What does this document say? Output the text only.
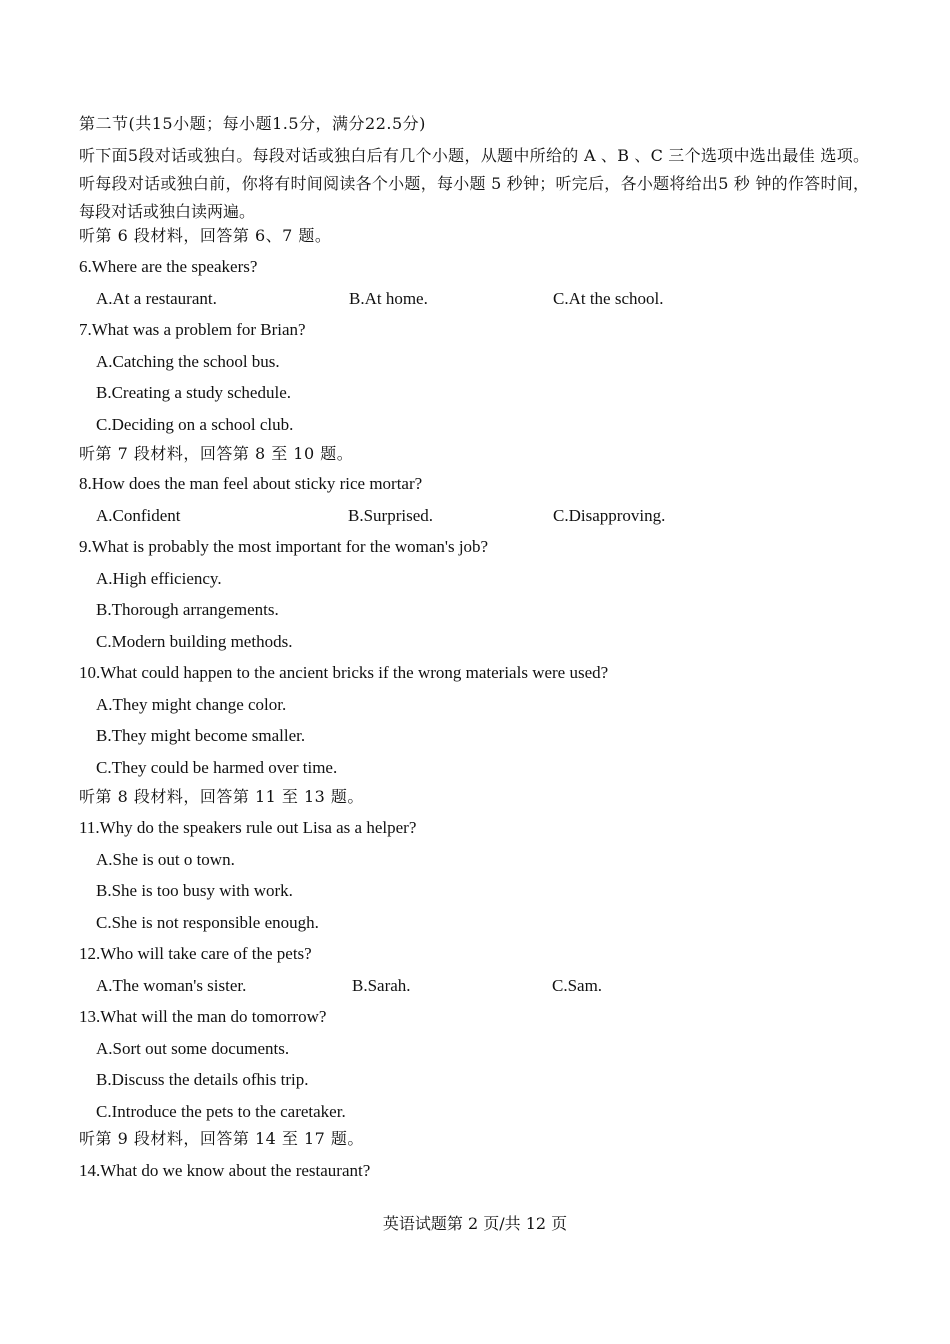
第二节(共15小题；每小题1.5分，满分22.5分)
听下面5段对话或独白。每段对话或独白后有几个小题，从题中所给的 A 、B 、C 三个选项中选出最佳 选项。听每段对话或独白前，你将有时间阅读各个小题，每小题 5 秒钟；听完后，各小题将给出5 秒 钟的作答时间，每段对话或独白读两遍。
听第 6 段材料，回答第 6、7 题。
6.Where are the speakers?
A.At a restaurant.	B.At home.	C.At the school.
7.What was a problem for Brian?
A.Catching the school bus.
B.Creating a study schedule.
C.Deciding on a school club.
听第 7 段材料，回答第 8 至 10 题。
8.How does the man feel about sticky rice mortar?
A.Confident	B.Surprised.	C.Disapproving.
9.What is probably the most important for the woman's job?
A.High efficiency.
B.Thorough arrangements.
C.Modern building methods.
10.What could happen to the ancient bricks if the wrong materials were used?
A.They might change color.
B.They might become smaller.
C.They could be harmed over time.
听第 8 段材料，回答第 11 至 13 题。
11.Why do the speakers rule out Lisa as a helper?
A.She is out o town.
B.She is too busy with work.
C.She is not responsible enough.
12.Who will take care of the pets?
A.The woman's sister.	B.Sarah.	C.Sam.
13.What will the man do tomorrow?
A.Sort out some documents.
B.Discuss the details ofhis trip.
C.Introduce the pets to the caretaker.
听第 9 段材料，回答第 14 至 17 题。
14.What do we know about the restaurant?
英语试题第 2 页/共 12 页
